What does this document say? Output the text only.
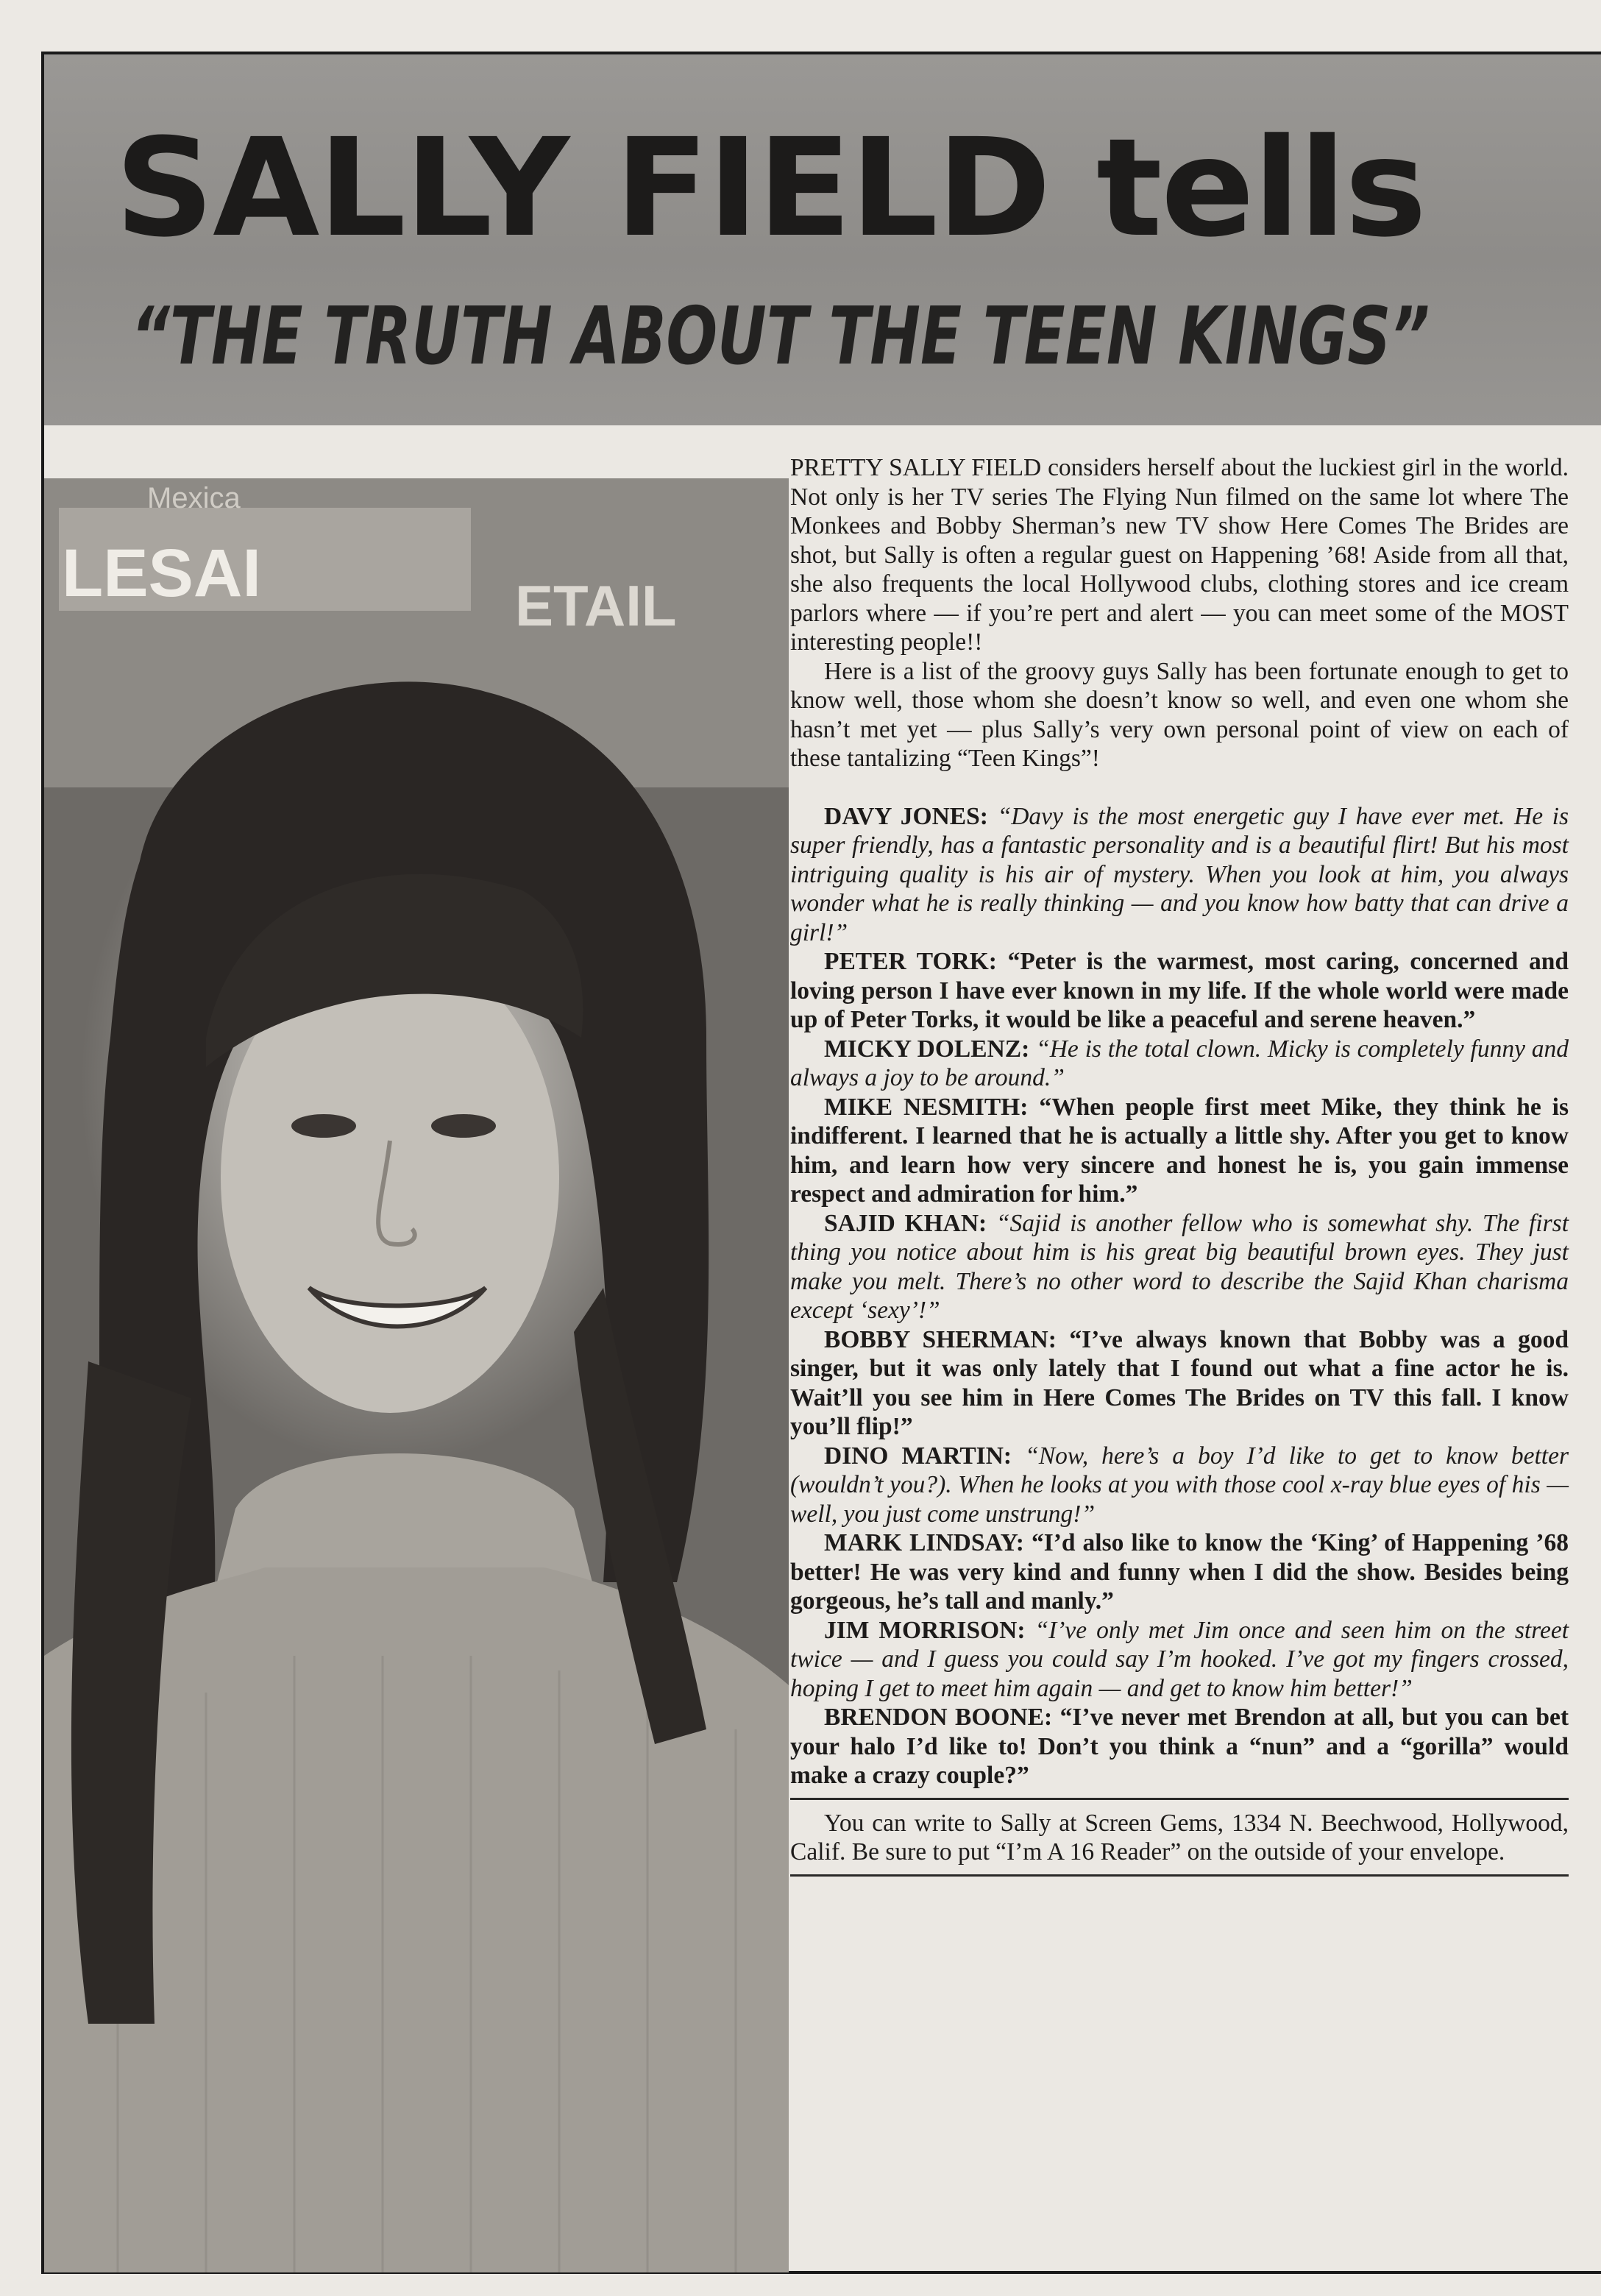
SALLY FIELD tells
“THE TRUTH ABOUT THE TEEN KINGS”
LESAI	ETAIL
Mexica

PRETTY SALLY FIELD considers herself about the luckiest girl in the world. Not only is her TV series The Flying Nun filmed on the same lot where The Monkees and Bobby Sherman’s new TV show Here Comes The Brides are shot, but Sally is often a regular guest on Happening ’68! Aside from all that, she also frequents the local Hollywood clubs, clothing stores and ice cream parlors where — if you’re pert and alert — you can meet some of the MOST interesting people!!

Here is a list of the groovy guys Sally has been fortunate enough to get to know well, those whom she doesn’t know so well, and even one whom she hasn’t met yet — plus Sally’s very own personal point of view on each of these tantalizing “Teen Kings”!

DAVY JONES: “Davy is the most energetic guy I have ever met. He is super friendly, has a fantastic personality and is a beautiful flirt! But his most intriguing quality is his air of mystery. When you look at him, you always wonder what he is really thinking — and you know how batty that can drive a girl!”

PETER TORK: “Peter is the warmest, most caring, concerned and loving person I have ever known in my life. If the whole world were made up of Peter Torks, it would be like a peaceful and serene heaven.”

MICKY DOLENZ: “He is the total clown. Micky is completely funny and always a joy to be around.”

MIKE NESMITH: “When people first meet Mike, they think he is indifferent. I learned that he is actually a little shy. After you get to know him, and learn how very sincere and honest he is, you gain immense respect and admiration for him.”

SAJID KHAN: “Sajid is another fellow who is somewhat shy. The first thing you notice about him is his great big beautiful brown eyes. They just make you melt. There’s no other word to describe the Sajid Khan charisma except ‘sexy’!”

BOBBY SHERMAN: “I’ve always known that Bobby was a good singer, but it was only lately that I found out what a fine actor he is. Wait’ll you see him in Here Comes The Brides on TV this fall. I know you’ll flip!”

DINO MARTIN: “Now, here’s a boy I’d like to get to know better (wouldn’t you?). When he looks at you with those cool x-ray blue eyes of his — well, you just come unstrung!”

MARK LINDSAY: “I’d also like to know the ‘King’ of Happening ’68 better! He was very kind and funny when I did the show. Besides being gorgeous, he’s tall and manly.”

JIM MORRISON: “I’ve only met Jim once and seen him on the street twice — and I guess you could say I’m hooked. I’ve got my fingers crossed, hoping I get to meet him again — and get to know him better!”

BRENDON BOONE: “I’ve never met Brendon at all, but you can bet your halo I’d like to! Don’t you think a “nun” and a “gorilla” would make a crazy couple?”

You can write to Sally at Screen Gems, 1334 N. Beechwood, Hollywood, Calif. Be sure to put “I’m A 16 Reader” on the outside of your envelope.
